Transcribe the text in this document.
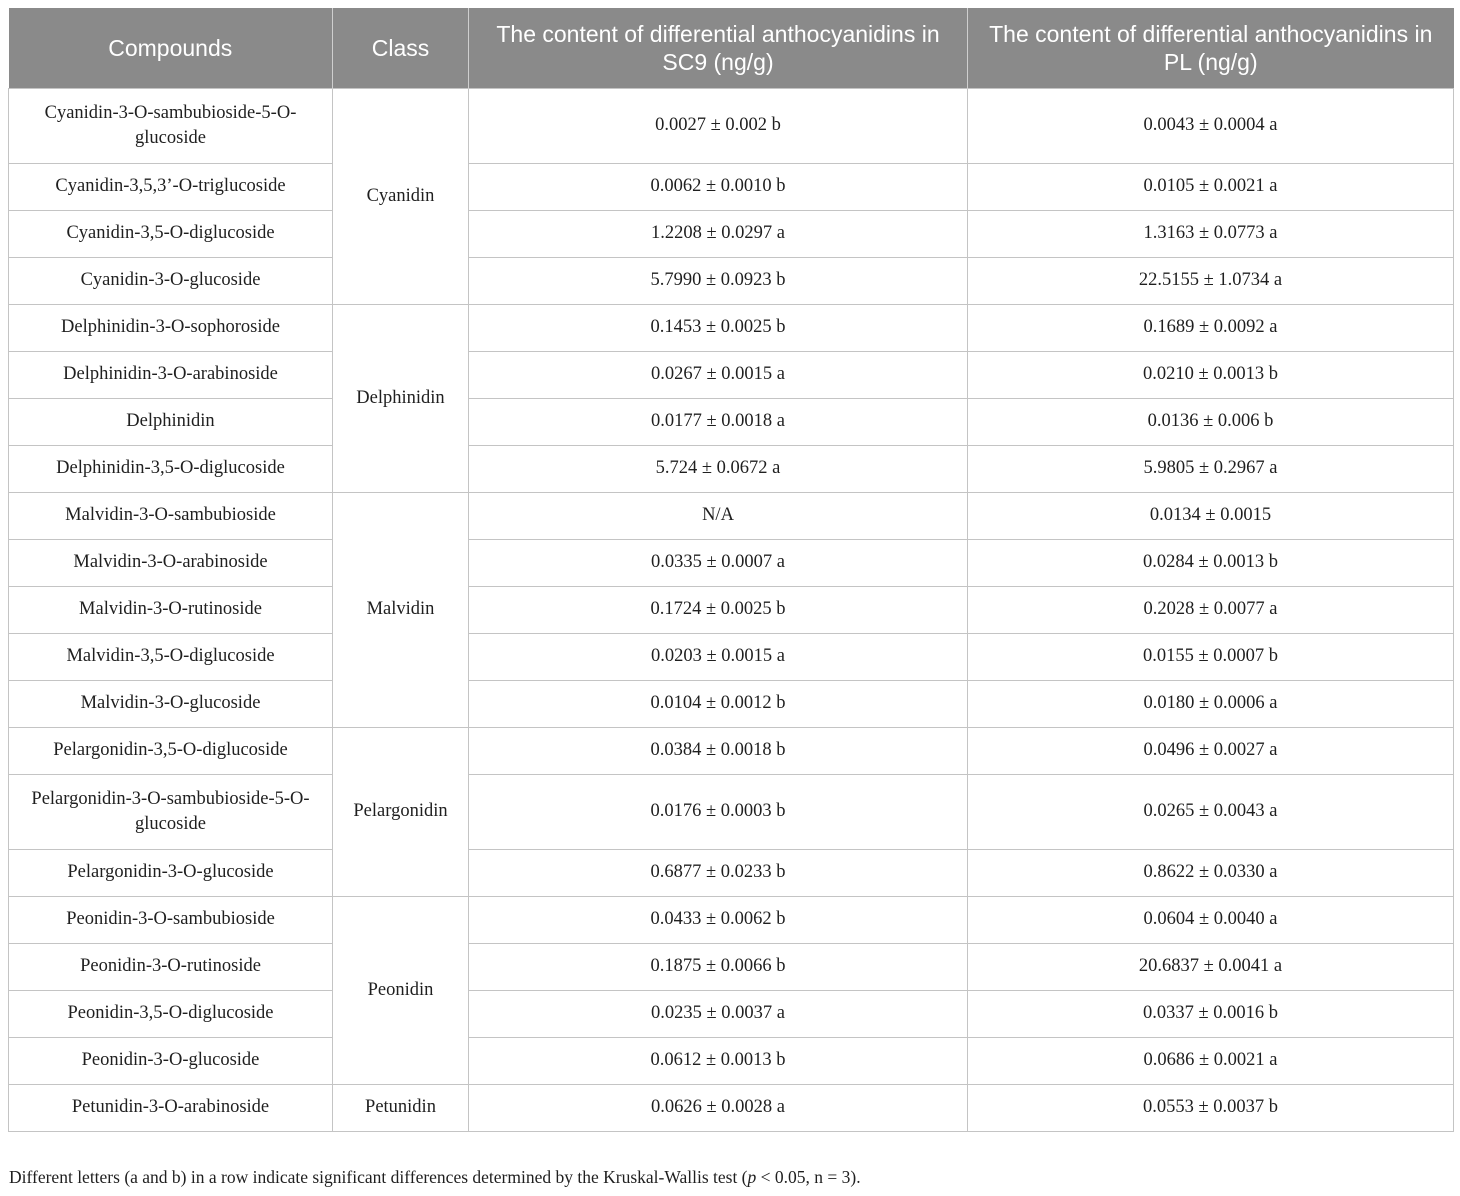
Compounds	Class	The content of differential anthocyanidins in SC9 (ng/g)	The content of differential anthocyanidins in PL (ng/g)
Cyanidin-3-O-sambubioside-5-O-glucoside	Cyanidin	0.0027 ± 0.002 b	0.0043 ± 0.0004 a
Cyanidin-3,5,3’-O-triglucoside		0.0062 ± 0.0010 b	0.0105 ± 0.0021 a
Cyanidin-3,5-O-diglucoside		1.2208 ± 0.0297 a	1.3163 ± 0.0773 a
Cyanidin-3-O-glucoside		5.7990 ± 0.0923 b	22.5155 ± 1.0734 a
Delphinidin-3-O-sophoroside	Delphinidin	0.1453 ± 0.0025 b	0.1689 ± 0.0092 a
Delphinidin-3-O-arabinoside		0.0267 ± 0.0015 a	0.0210 ± 0.0013 b
Delphinidin		0.0177 ± 0.0018 a	0.0136 ± 0.006 b
Delphinidin-3,5-O-diglucoside		5.724 ± 0.0672 a	5.9805 ± 0.2967 a
Malvidin-3-O-sambubioside	Malvidin	N/A	0.0134 ± 0.0015
Malvidin-3-O-arabinoside		0.0335 ± 0.0007 a	0.0284 ± 0.0013 b
Malvidin-3-O-rutinoside		0.1724 ± 0.0025 b	0.2028 ± 0.0077 a
Malvidin-3,5-O-diglucoside		0.0203 ± 0.0015 a	0.0155 ± 0.0007 b
Malvidin-3-O-glucoside		0.0104 ± 0.0012 b	0.0180 ± 0.0006 a
Pelargonidin-3,5-O-diglucoside	Pelargonidin	0.0384 ± 0.0018 b	0.0496 ± 0.0027 a
Pelargonidin-3-O-sambubioside-5-O-glucoside		0.0176 ± 0.0003 b	0.0265 ± 0.0043 a
Pelargonidin-3-O-glucoside		0.6877 ± 0.0233 b	0.8622 ± 0.0330 a
Peonidin-3-O-sambubioside	Peonidin	0.0433 ± 0.0062 b	0.0604 ± 0.0040 a
Peonidin-3-O-rutinoside		0.1875 ± 0.0066 b	20.6837 ± 0.0041 a
Peonidin-3,5-O-diglucoside		0.0235 ± 0.0037 a	0.0337 ± 0.0016 b
Peonidin-3-O-glucoside		0.0612 ± 0.0013 b	0.0686 ± 0.0021 a
Petunidin-3-O-arabinoside	Petunidin	0.0626 ± 0.0028 a	0.0553 ± 0.0037 b
Different letters (a and b) in a row indicate significant differences determined by the Kruskal-Wallis test (p < 0.05, n = 3).
